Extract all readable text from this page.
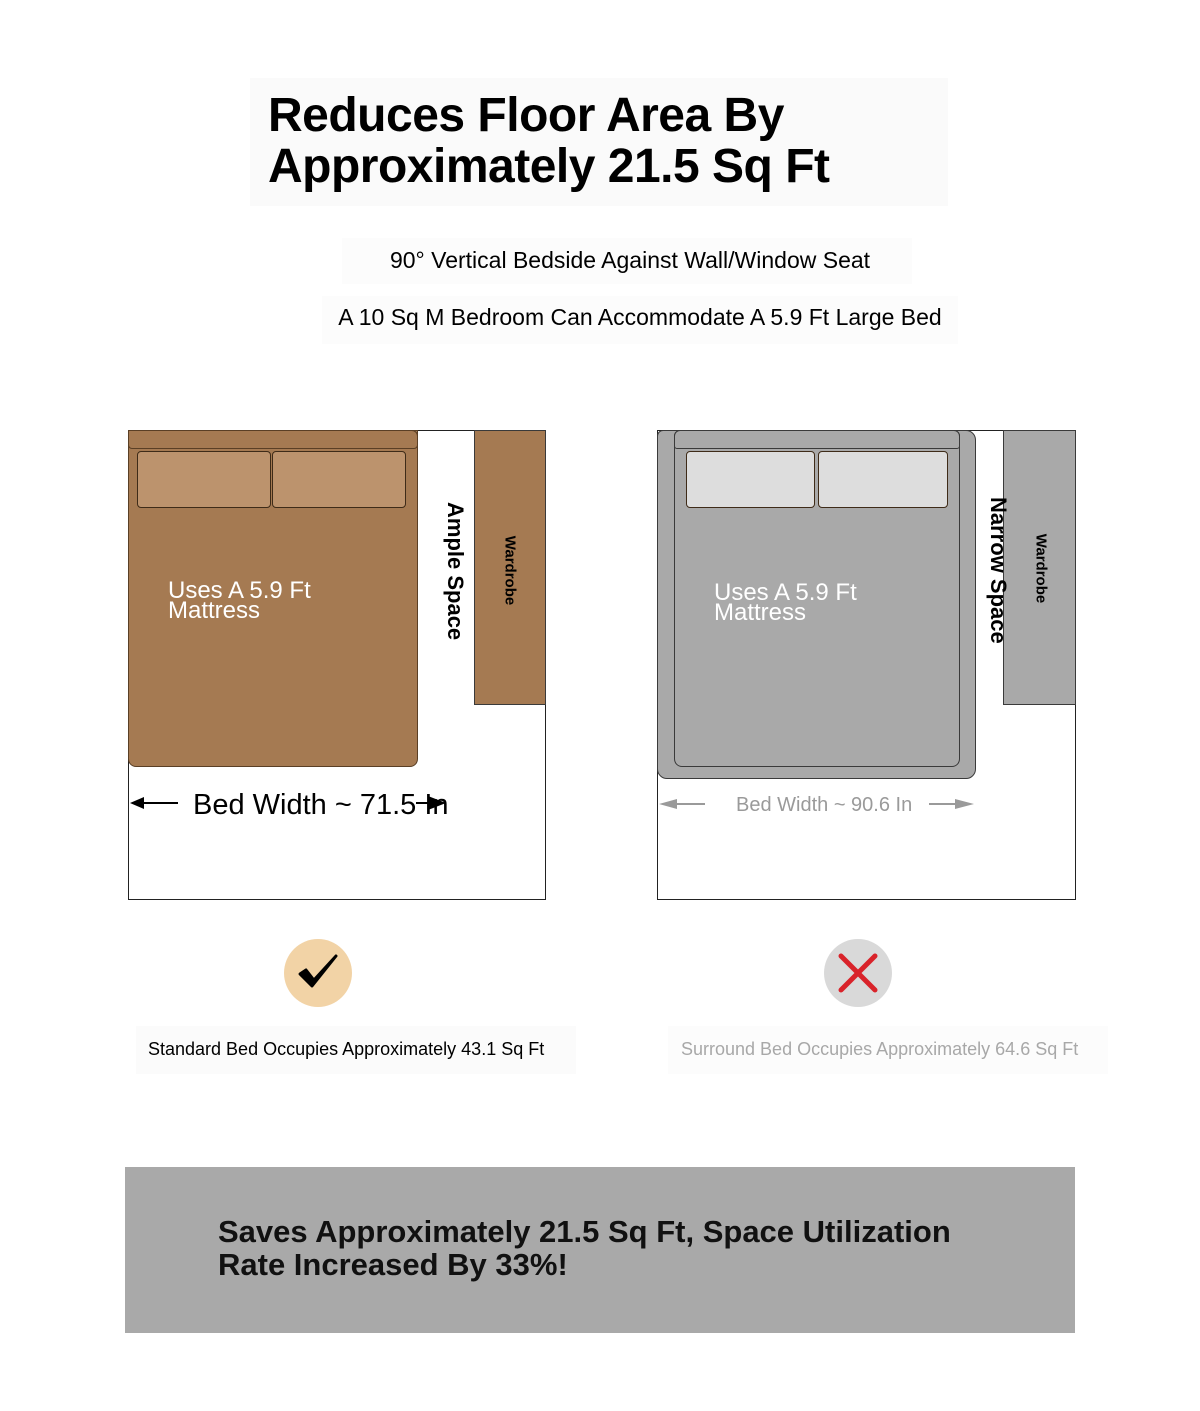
Reduces Floor Area By
Approximately 21.5 Sq Ft
90° Vertical Bedside Against Wall/Window Seat
A 10 Sq M Bedroom Can Accommodate A 5.9 Ft Large Bed
Wardrobe
Ample Space
Uses A 5.9 Ft
Mattress
Bed Width ~ 71.5 In
Standard Bed Occupies Approximately 43.1 Sq Ft
Wardrobe
Narrow Space
Uses A 5.9 Ft
Mattress
Bed Width ~ 90.6 In
Surround Bed Occupies Approximately 64.6 Sq Ft
Saves Approximately 21.5 Sq Ft, Space Utilization
Rate Increased By 33%!
